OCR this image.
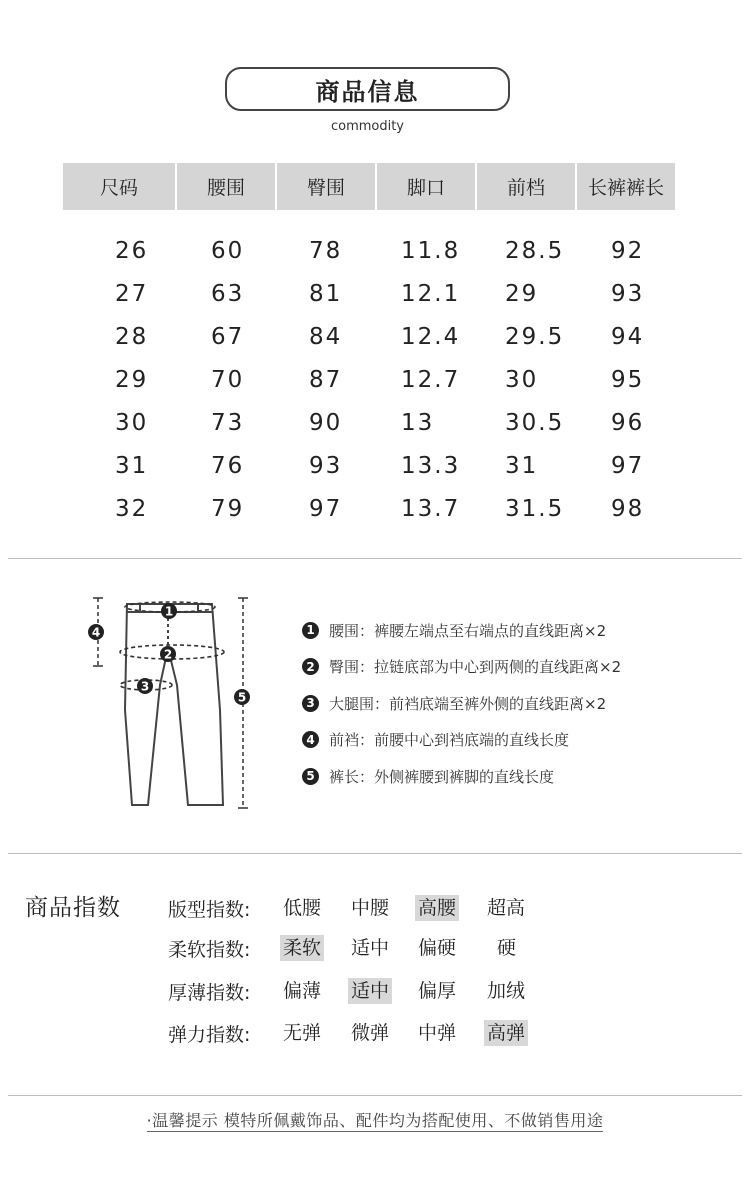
商品信息
commodity
尺码	腰围	臀围	脚口	前档	长裤裤长
26	60	78	11.8	28.5	92
27	63	81	12.1	29	93
28	67	84	12.4	29.5	94
29	70	87	12.7	30	95
30	73	90	13	30.5	96
31	76	93	13.3	31	97
32	79	97	13.7	31.5	98
1
2
3
4
5
1 腰围：裤腰左端点至右端点的直线距离×2
2 臀围：拉链底部为中心到两侧的直线距离×2
3 大腿围：前裆底端至裤外侧的直线距离×2
4 前裆：前腰中心到裆底端的直线长度
5 裤长：外侧裤腰到裤脚的直线长度
商品指数 版型指数:	低腰 中腰 高腰 超高
柔软指数:	柔软 适中 偏硬 硬
厚薄指数:	偏薄 适中 偏厚 加绒
弹力指数:	无弹 微弹 中弹 高弹
·温馨提示 模特所佩戴饰品、配件均为搭配使用、不做销售用途
